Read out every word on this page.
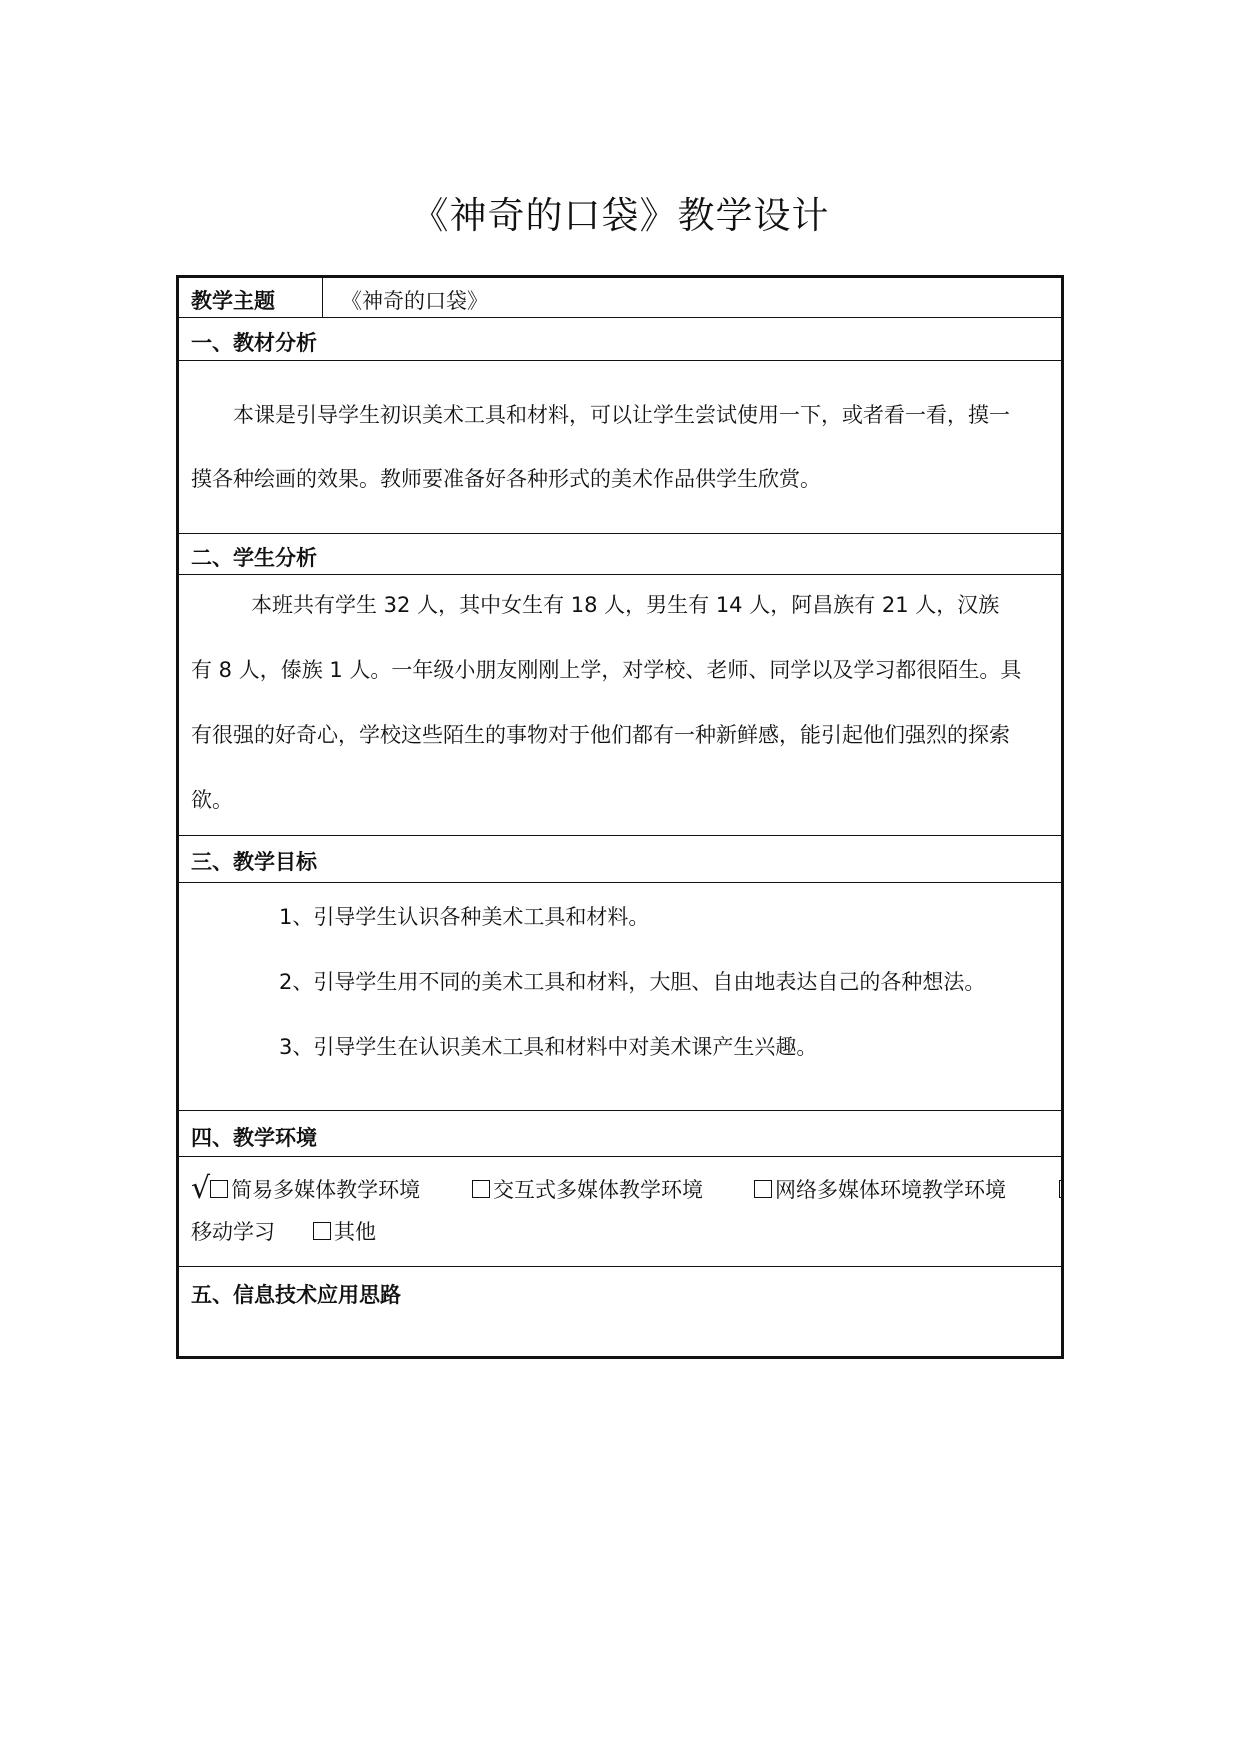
《神奇的口袋》教学设计
教学主题	《神奇的口袋》
一、教材分析
本课是引导学生初识美术工具和材料，可以让学生尝试使用一下，或者看一看，摸一
摸各种绘画的效果。教师要准备好各种形式的美术作品供学生欣赏。
二、学生分析
本班共有学生 32 人，其中女生有 18 人，男生有 14 人，阿昌族有 21 人，汉族
有 8 人，傣族 1 人。一年级小朋友刚刚上学，对学校、老师、同学以及学习都很陌生。具
有很强的好奇心，学校这些陌生的事物对于他们都有一种新鲜感，能引起他们强烈的探索
欲。
三、教学目标
1、引导学生认识各种美术工具和材料。
2、引导学生用不同的美术工具和材料，大胆、自由地表达自己的各种想法。
3、引导学生在认识美术工具和材料中对美术课产生兴趣。
四、教学环境
√ 简易多媒体教学环境	交互式多媒体教学环境	网络多媒体环境教学环境
移动学习	其他
五、信息技术应用思路
